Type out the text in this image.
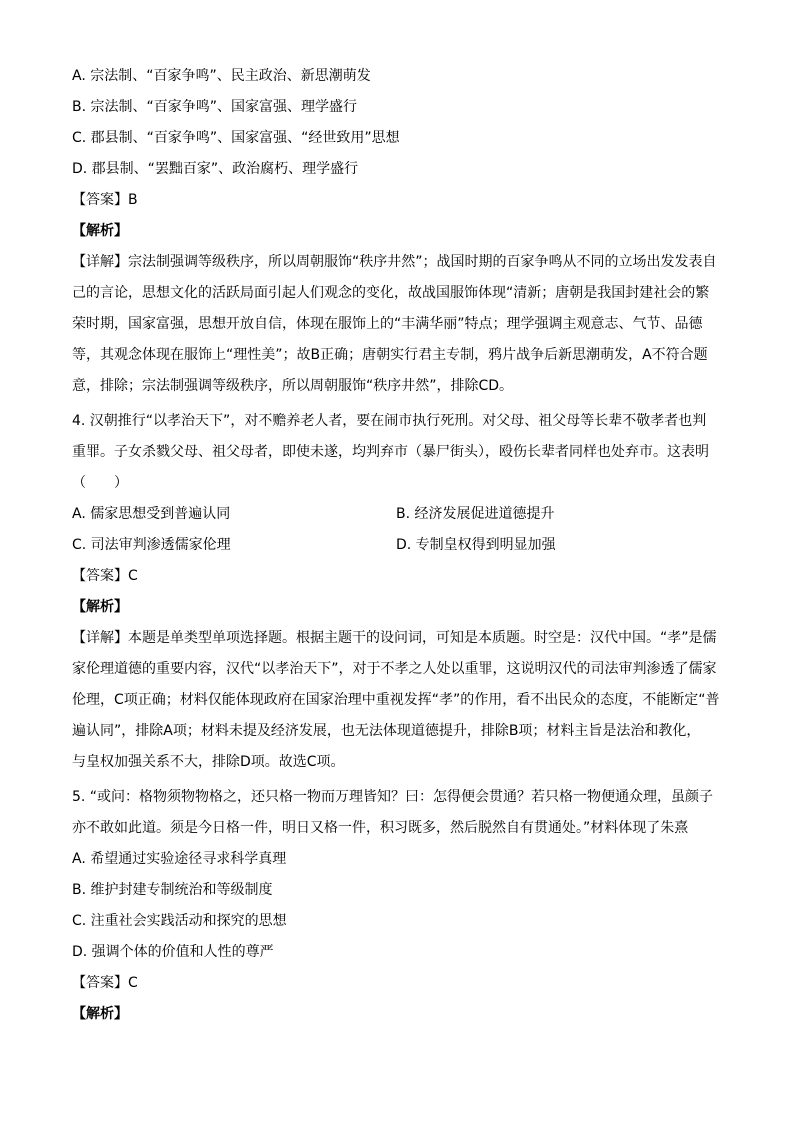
A. 宗法制、“百家争鸣”、民主政治、新思潮萌发
B. 宗法制、“百家争鸣”、国家富强、理学盛行
C. 郡县制、“百家争鸣”、国家富强、“经世致用”思想
D. 郡县制、“罢黜百家”、政治腐朽、理学盛行
【答案】B
【解析】
【详解】宗法制强调等级秩序，所以周朝服饰“秩序井然”；战国时期的百家争鸣从不同的立场出发发表自
己的言论，思想文化的活跃局面引起人们观念的变化，故战国服饰体现“清新；唐朝是我国封建社会的繁
荣时期，国家富强，思想开放自信，体现在服饰上的“丰满华丽”特点；理学强调主观意志、气节、品德
等，其观念体现在服饰上“理性美”；故B正确；唐朝实行君主专制，鸦片战争后新思潮萌发，A不符合题
意，排除；宗法制强调等级秩序，所以周朝服饰“秩序井然”，排除CD。
4. 汉朝推行“以孝治天下”，对不赡养老人者，要在闹市执行死刑。对父母、祖父母等长辈不敬孝者也判
重罪。子女杀戮父母、祖父母者，即使未遂，均判弃市（暴尸街头），殴伤长辈者同样也处弃市。这表明
（　　）
A. 儒家思想受到普遍认同	B. 经济发展促进道德提升
C. 司法审判渗透儒家伦理	D. 专制皇权得到明显加强
【答案】C
【解析】
【详解】本题是单类型单项选择题。根据主题干的设问词，可知是本质题。时空是：汉代中国。“孝”是儒
家伦理道德的重要内容，汉代“以孝治天下”，对于不孝之人处以重罪，这说明汉代的司法审判渗透了儒家
伦理，C项正确；材料仅能体现政府在国家治理中重视发挥“孝”的作用，看不出民众的态度，不能断定“普
遍认同”，排除A项；材料未提及经济发展，也无法体现道德提升，排除B项；材料主旨是法治和教化，
与皇权加强关系不大，排除D项。故选C项。
5. “或问：格物须物物格之，还只格一物而万理皆知？曰：怎得便会贯通？若只格一物便通众理，虽颜子
亦不敢如此道。须是今日格一件，明日又格一件，积习既多，然后脱然自有贯通处。”材料体现了朱熹
A. 希望通过实验途径寻求科学真理
B. 维护封建专制统治和等级制度
C. 注重社会实践活动和探究的思想
D. 强调个体的价值和人性的尊严
【答案】C
【解析】
